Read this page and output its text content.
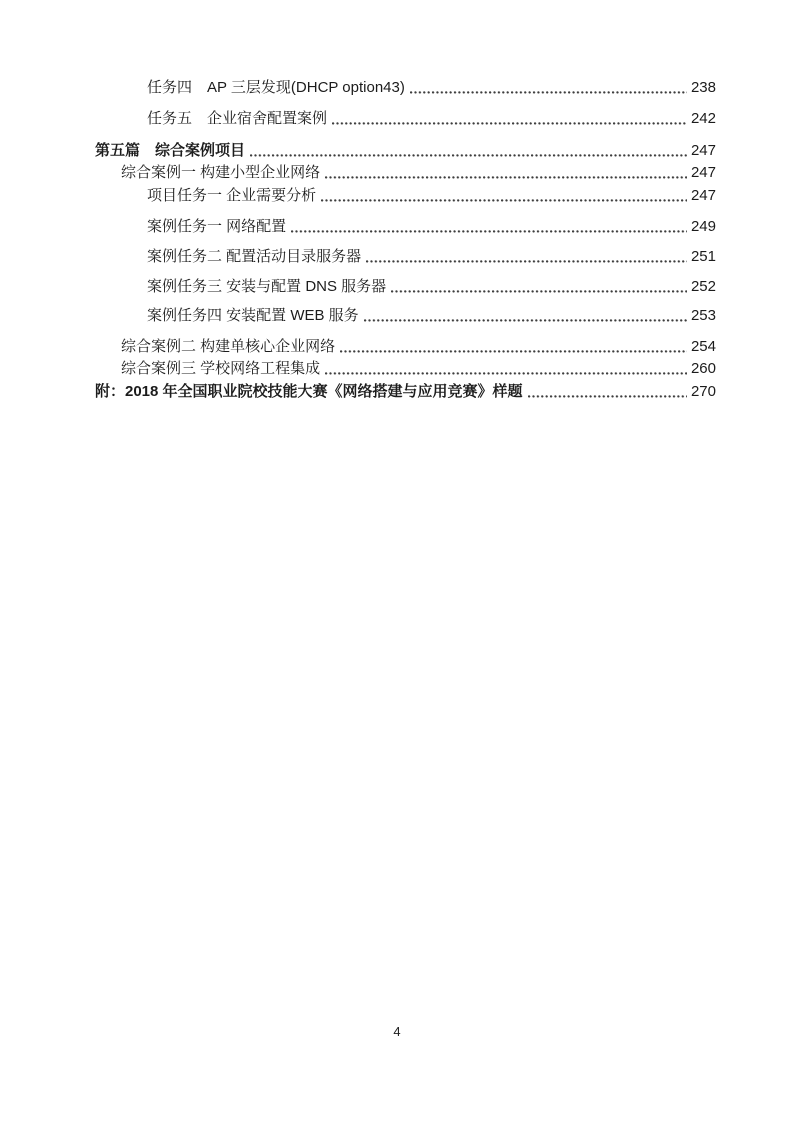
任务四　AP 三层发现(DHCP option43)	238
任务五　企业宿舍配置案例	242
第五篇　综合案例项目	247
综合案例一 构建小型企业网络	247
项目任务一 企业需要分析	247
案例任务一 网络配置	249
案例任务二 配置活动目录服务器	251
案例任务三 安装与配置 DNS 服务器	252
案例任务四 安装配置 WEB 服务	253
综合案例二 构建单核心企业网络	254
综合案例三 学校网络工程集成	260
附：2018 年全国职业院校技能大赛《网络搭建与应用竞赛》样题	270
4
